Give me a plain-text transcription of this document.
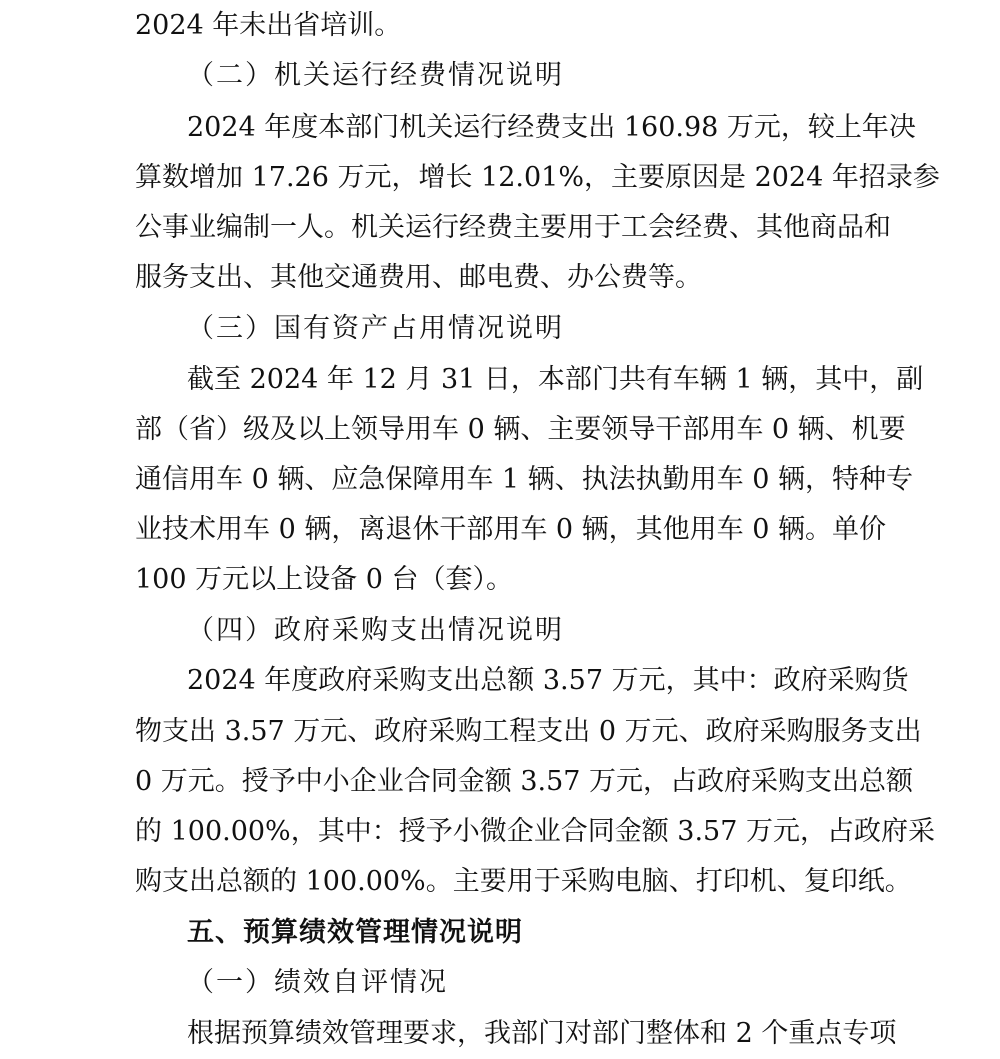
2024 年未出省培训。
（二）机关运行经费情况说明
2024 年度本部门机关运行经费支出 160.98 万元，较上年决
算数增加 17.26 万元，增长 12.01%，主要原因是 2024 年招录参
公事业编制一人。机关运行经费主要用于工会经费、其他商品和
服务支出、其他交通费用、邮电费、办公费等。
（三）国有资产占用情况说明
截至 2024 年 12 月 31 日，本部门共有车辆 1 辆，其中，副
部（省）级及以上领导用车 0 辆、主要领导干部用车 0 辆、机要
通信用车 0 辆、应急保障用车 1 辆、执法执勤用车 0 辆，特种专
业技术用车 0 辆，离退休干部用车 0 辆，其他用车 0 辆。单价
100 万元以上设备 0 台（套）。
（四）政府采购支出情况说明
2024 年度政府采购支出总额 3.57 万元，其中：政府采购货
物支出 3.57 万元、政府采购工程支出 0 万元、政府采购服务支出
0 万元。授予中小企业合同金额 3.57 万元，占政府采购支出总额
的 100.00%，其中：授予小微企业合同金额 3.57 万元，占政府采
购支出总额的 100.00%。主要用于采购电脑、打印机、复印纸。
五、预算绩效管理情况说明
（一）绩效自评情况
根据预算绩效管理要求，我部门对部门整体和 2 个重点专项
